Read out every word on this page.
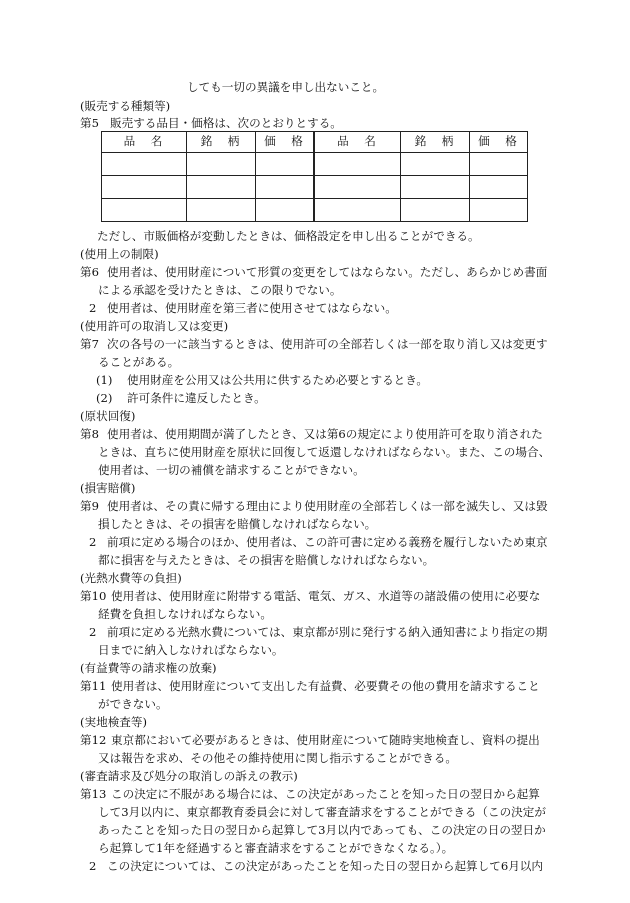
しても一切の異議を申し出ないこと。
(販売する種類等)
第5 販売する品目・価格は、次のとおりとする。
品　名	銘　柄	価　格	品　名	銘　柄	価　格

ただし、市販価格が変動したときは、価格設定を申し出ることができる。
(使用上の制限)
第6 使用者は、使用財産について形質の変更をしてはならない。ただし、あらかじめ書面
による承認を受けたときは、この限りでない。
2 使用者は、使用財産を第三者に使用させてはならない。
(使用許可の取消し又は変更)
第7 次の各号の一に該当するときは、使用許可の全部若しくは一部を取り消し又は変更す
ることがある。
(1) 使用財産を公用又は公共用に供するため必要とするとき。
(2) 許可条件に違反したとき。
(原状回復)
第8 使用者は、使用期間が満了したとき、又は第6の規定により使用許可を取り消された
ときは、直ちに使用財産を原状に回復して返還しなければならない。また、この場合、
使用者は、一切の補償を請求することができない。
(損害賠償)
第9 使用者は、その責に帰する理由により使用財産の全部若しくは一部を滅失し、又は毀
損したときは、その損害を賠償しなければならない。
2 前項に定める場合のほか、使用者は、この許可書に定める義務を履行しないため東京
都に損害を与えたときは、その損害を賠償しなければならない。
(光熱水費等の負担)
第10 使用者は、使用財産に附帯する電話、電気、ガス、水道等の諸設備の使用に必要な
経費を負担しなければならない。
2 前項に定める光熱水費については、東京都が別に発行する納入通知書により指定の期
日までに納入しなければならない。
(有益費等の請求権の放棄)
第11 使用者は、使用財産について支出した有益費、必要費その他の費用を請求すること
ができない。
(実地検査等)
第12 東京都において必要があるときは、使用財産について随時実地検査し、資料の提出
又は報告を求め、その他その維持使用に関し指示することができる。
(審査請求及び処分の取消しの訴えの教示)
第13 この決定に不服がある場合には、この決定があったことを知った日の翌日から起算
して3月以内に、東京都教育委員会に対して審査請求をすることができる（この決定が
あったことを知った日の翌日から起算して3月以内であっても、この決定の日の翌日か
ら起算して1年を経過すると審査請求をすることができなくなる。）。
2 この決定については、この決定があったことを知った日の翌日から起算して6月以内
